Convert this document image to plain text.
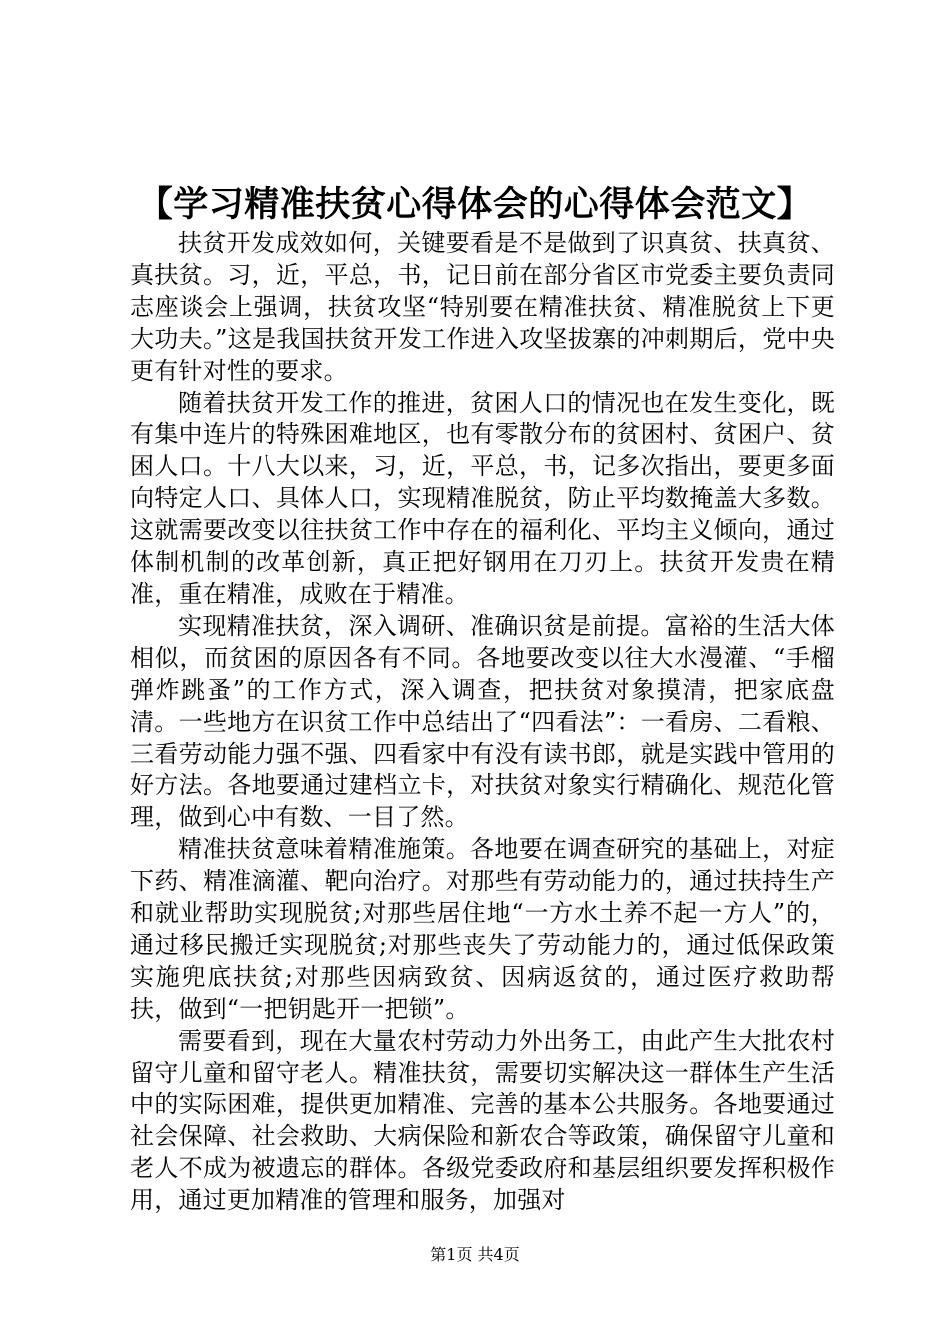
【学习精准扶贫心得体会的心得体会范文】

扶贫开发成效如何，关键要看是不是做到了识真贫、扶真贫、真扶贫。习，近，平总，书，记日前在部分省区市党委主要负责同志座谈会上强调，扶贫攻坚“特别要在精准扶贫、精准脱贫上下更大功夫。”这是我国扶贫开发工作进入攻坚拔寨的冲刺期后，党中央更有针对性的要求。

随着扶贫开发工作的推进，贫困人口的情况也在发生变化，既有集中连片的特殊困难地区，也有零散分布的贫困村、贫困户、贫困人口。十八大以来，习，近，平总，书，记多次指出，要更多面向特定人口、具体人口，实现精准脱贫，防止平均数掩盖大多数。这就需要改变以往扶贫工作中存在的福利化、平均主义倾向，通过体制机制的改革创新，真正把好钢用在刀刃上。扶贫开发贵在精准，重在精准，成败在于精准。

实现精准扶贫，深入调研、准确识贫是前提。富裕的生活大体相似，而贫困的原因各有不同。各地要改变以往大水漫灌、“手榴弹炸跳蚤”的工作方式，深入调查，把扶贫对象摸清，把家底盘清。一些地方在识贫工作中总结出了“四看法”：一看房、二看粮、三看劳动能力强不强、四看家中有没有读书郎，就是实践中管用的好方法。各地要通过建档立卡，对扶贫对象实行精确化、规范化管理，做到心中有数、一目了然。

精准扶贫意味着精准施策。各地要在调查研究的基础上，对症下药、精准滴灌、靶向治疗。对那些有劳动能力的，通过扶持生产和就业帮助实现脱贫;对那些居住地“一方水土养不起一方人”的，通过移民搬迁实现脱贫;对那些丧失了劳动能力的，通过低保政策实施兜底扶贫;对那些因病致贫、因病返贫的，通过医疗救助帮扶，做到“一把钥匙开一把锁”。

需要看到，现在大量农村劳动力外出务工，由此产生大批农村留守儿童和留守老人。精准扶贫，需要切实解决这一群体生产生活中的实际困难，提供更加精准、完善的基本公共服务。各地要通过社会保障、社会救助、大病保险和新农合等政策，确保留守儿童和老人不成为被遗忘的群体。各级党委政府和基层组织要发挥积极作用，通过更加精准的管理和服务，加强对

第1页 共4页
